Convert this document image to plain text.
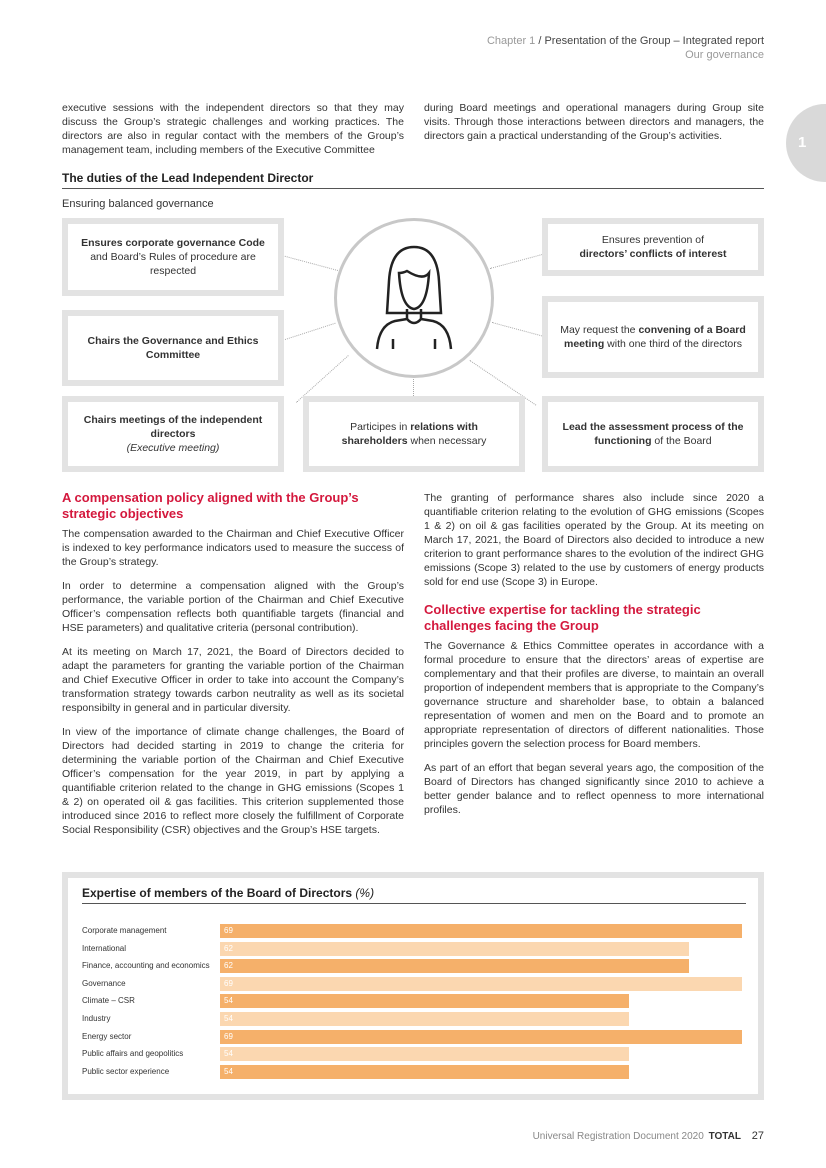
Chapter 1 / Presentation of the Group – Integrated report
Our governance
1
executive sessions with the independent directors so that they may discuss the Group’s strategic challenges and working practices. The directors are also in regular contact with the members of the Group’s management team, including members of the Executive Committee
during Board meetings and operational managers during Group site visits. Through those interactions between directors and managers, the directors gain a practical understanding of the Group’s activities.
The duties of the Lead Independent Director
Ensuring balanced governance
Ensures corporate governance Code and Board’s Rules of procedure are respected
Chairs the Governance and Ethics Committee
Chairs meetings of the independent directors
(Executive meeting)
Participes in relations with shareholders when necessary
Ensures prevention of
directors’ conflicts of interest
May request the convening of a Board meeting with one third of the directors
Lead the assessment process of the functioning of the Board
A compensation policy aligned with the Group’s strategic objectives

The compensation awarded to the Chairman and Chief Executive Officer is indexed to key performance indicators used to measure the success of the Group’s strategy.

In order to determine a compensation aligned with the Group’s performance, the variable portion of the Chairman and Chief Executive Officer’s compensation reflects both quantifiable targets (financial and HSE parameters) and qualitative criteria (personal contribution).

At its meeting on March 17, 2021, the Board of Directors decided to adapt the parameters for granting the variable portion of the Chairman and Chief Executive Officer in order to take into account the Company’s transformation strategy towards carbon neutrality as well as its societal responsibilty in general and in particular diversity.

In view of the importance of climate change challenges, the Board of Directors had decided starting in 2019 to change the criteria for determining the variable portion of the Chairman and Chief Executive Officer’s compensation for the year 2019, in part by applying a quantifiable criterion related to the change in GHG emissions (Scopes 1 & 2) on operated oil & gas facilities. This criterion supplemented those introduced since 2016 to reflect more closely the fulfillment of Corporate Social Responsibility (CSR) objectives and the Group’s HSE targets.

The granting of performance shares also include since 2020 a quantifiable criterion relating to the evolution of GHG emissions (Scopes 1 & 2) on oil & gas facilities operated by the Group. At its meeting on March 17, 2021, the Board of Directors also decided to introduce a new criterion to grant performance shares to the evolution of the indirect GHG emissions (Scope 3) related to the use by customers of energy products sold for end use (Scope 3) in Europe.
Collective expertise for tackling the strategic challenges facing the Group

The Governance & Ethics Committee operates in accordance with a formal procedure to ensure that the directors’ areas of expertise are complementary and that their profiles are diverse, to maintain an overall proportion of independent members that is appropriate to the Company’s governance structure and shareholder base, to obtain a balanced representation of women and men on the Board and to promote an appropriate representation of directors of different nationalities. Those principles govern the selection process for Board members.

As part of an effort that began several years ago, the composition of the Board of Directors has changed significantly since 2010 to achieve a better gender balance and to reflect openness to more international profiles.

Expertise of members of the Board of Directors (%)
Corporate management	69
International	62
Finance, accounting and economics	62
Governance	69
Climate – CSR	54
Industry	54
Energy sector	69
Public affairs and geopolitics	54
Public sector experience	54
Universal Registration Document 2020 TOTAL 27
